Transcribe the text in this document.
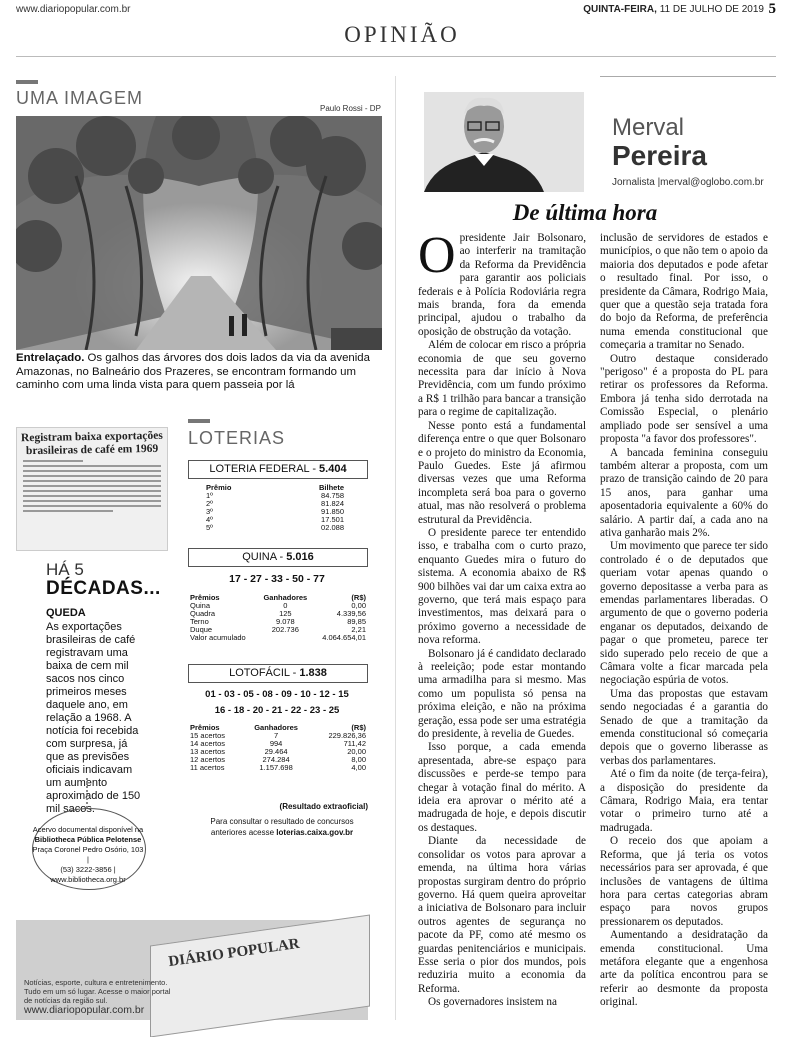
www.diariopopular.com.br	QUINTA-FEIRA, 11 DE JULHO DE 2019 5
OPINIÃO
UMA IMAGEM
Paulo Rossi - DP
Entrelaçado. Os galhos das árvores dos dois lados da via da avenida Amazonas, no Balneário dos Prazeres, se encontram formando um caminho com uma linda vista para quem passeia por lá
Registram baixa exportações brasileiras de café em 1969
HÁ 5
DÉCADAS...
QUEDA
As exportações brasileiras de café registravam uma baixa de cem mil sacos nos cinco primeiros meses daquele ano, em relação a 1968. A notícia foi recebida com surpresa, já que as previsões oficiais indicavam um aumento aproximado de 150 mil sacos.
Acervo documental disponível na
Bibliotheca Pública Pelotense
Praça Coronel Pedro Osório, 103 |
(53) 3222-3856 |
www.bibliotheca.org.br
LOTERIAS
LOTERIA FEDERAL - 5.404
Prêmio	Bilhete
1º	84.758
2º	81.824
3º	91.850
4º	17.501
5º	02.088
QUINA - 5.016
17 - 27 - 33 - 50 - 77
Prêmios	Ganhadores	(R$)
Quina	0	0,00
Quadra	125	4.339,56
Terno	9.078	89,85
Duque	202.736	2,21
Valor acumulado		4.064.654,01
LOTOFÁCIL - 1.838
01 - 03 - 05 - 08 - 09 - 10 - 12 - 15
16 - 18 - 20 - 21 - 22 - 23 - 25
Prêmios	Ganhadores	(R$)
15 acertos	7	229.826,36
14 acertos	994	711,42
13 acertos	29.464	20,00
12 acertos	274.284	8,00
11 acertos	1.157.698	4,00
(Resultado extraoficial)
Para consultar o resultado de concursos anteriores acesse loterias.caixa.gov.br
DIÁRIO POPULAR
Notícias, esporte, cultura e entretenimento. Tudo em um só lugar. Acesse o maior portal de notícias da região sul.
www.diariopopular.com.br
Merval
Pereira
Jornalista |merval@oglobo.com.br
De última hora

Opresidente Jair Bolsonaro, ao interferir na tramitação da Reforma da Previdência para garantir aos policiais federais e à Polícia Rodoviária regra mais branda, fora da emenda principal, ajudou o trabalho da oposição de obstrução da votação.

Além de colocar em risco a própria economia de que seu governo necessita para dar início à Nova Previdência, com um fundo próximo a R$ 1 trilhão para bancar a transição para o regime de capitalização.

Nesse ponto está a fundamental diferença entre o que quer Bolsonaro e o projeto do ministro da Economia, Paulo Guedes. Este já afirmou diversas vezes que uma Reforma incompleta será boa para o governo atual, mas não resolverá o problema estrutural da Previdência.

O presidente parece ter entendido isso, e trabalha com o curto prazo, enquanto Guedes mira o futuro do sistema. A economia abaixo de R$ 900 bilhões vai dar um caixa extra ao governo, que terá mais espaço para investimentos, mas deixará para o próximo governo a necessidade de nova reforma.

Bolsonaro já é candidato declarado à reeleição; pode estar montando uma armadilha para si mesmo. Mas como um populista só pensa na próxima eleição, e não na próxima geração, essa pode ser uma estratégia do presidente, à revelia de Guedes.

Isso porque, a cada emenda apresentada, abre-se espaço para discussões e perde-se tempo para chegar à votação final do mérito. A ideia era aprovar o mérito até a madrugada de hoje, e depois discutir os destaques.

Diante da necessidade de consolidar os votos para aprovar a emenda, na última hora várias propostas surgiram dentro do próprio governo. Há quem queira aproveitar a iniciativa de Bolsonaro para incluir outros agentes de segurança no pacote da PF, como até mesmo os guardas penitenciários e municipais. Esse seria o pior dos mundos, pois reduziria muito a economia da Reforma.

Os governadores insistem na

inclusão de servidores de estados e municípios, o que não tem o apoio da maioria dos deputados e pode afetar o resultado final. Por isso, o presidente da Câmara, Rodrigo Maia, quer que a questão seja tratada fora do bojo da Reforma, de preferência numa emenda constitucional que começaria a tramitar no Senado.

Outro destaque considerado "perigoso" é a proposta do PL para retirar os professores da Reforma. Embora já tenha sido derrotada na Comissão Especial, o plenário ampliado pode ser sensível a uma proposta "a favor dos professores".

A bancada feminina conseguiu também alterar a proposta, com um prazo de transição caindo de 20 para 15 anos, para ganhar uma aposentadoria equivalente a 60% do salário. A partir daí, a cada ano na ativa ganharão mais 2%.

Um movimento que parece ter sido controlado é o de deputados que queriam votar apenas quando o governo depositasse a verba para as emendas parlamentares liberadas. O argumento de que o governo poderia enganar os deputados, deixando de pagar o que prometeu, parece ter sido superado pelo receio de que a Câmara volte a ficar marcada pela negociação espúria de votos.

Uma das propostas que estavam sendo negociadas é a garantia do Senado de que a tramitação da emenda constitucional só começaria depois que o governo liberasse as verbas dos parlamentares.

Até o fim da noite (de terça-feira), a disposição do presidente da Câmara, Rodrigo Maia, era tentar votar o primeiro turno até a madrugada.

O receio dos que apoiam a Reforma, que já teria os votos necessários para ser aprovada, é que inclusões de vantagens de última hora para certas categorias abram espaço para novos grupos pressionarem os deputados.

Aumentando a desidratação da emenda constitucional. Uma metáfora elegante que a engenhosa arte da política encontrou para se referir ao desmonte da proposta original.
